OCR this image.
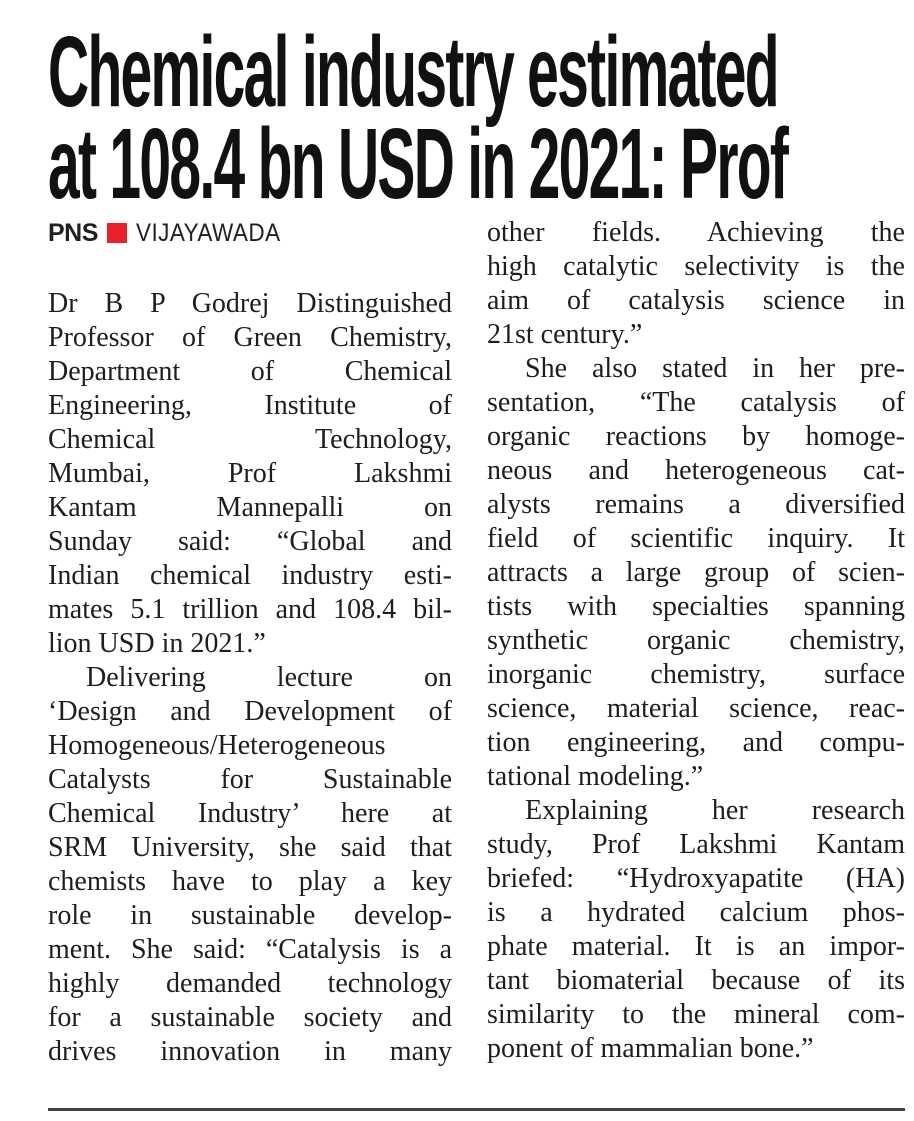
Chemical industry estimated
at 108.4 bn USD in 2021: Prof
PNS VIJAYAWADA
Dr B P Godrej Distinguished
Professor of Green Chemistry,
Department of Chemical
Engineering, Institute of
Chemical Technology,
Mumbai, Prof Lakshmi
Kantam Mannepalli on
Sunday said: “Global and
Indian chemical industry esti-
mates 5.1 trillion and 108.4 bil-
lion USD in 2021.”
Delivering lecture on
‘Design and Development of
Homogeneous/Heterogeneous
Catalysts for Sustainable
Chemical Industry’ here at
SRM University, she said that
chemists have to play a key
role in sustainable develop-
ment. She said: “Catalysis is a
highly demanded technology
for a sustainable society and
drives innovation in many
other fields. Achieving the
high catalytic selectivity is the
aim of catalysis science in
21st century.”
She also stated in her pre-
sentation, “The catalysis of
organic reactions by homoge-
neous and heterogeneous cat-
alysts remains a diversified
field of scientific inquiry. It
attracts a large group of scien-
tists with specialties spanning
synthetic organic chemistry,
inorganic chemistry, surface
science, material science, reac-
tion engineering, and compu-
tational modeling.”
Explaining her research
study, Prof Lakshmi Kantam
briefed: “Hydroxyapatite (HA)
is a hydrated calcium phos-
phate material. It is an impor-
tant biomaterial because of its
similarity to the mineral com-
ponent of mammalian bone.”
